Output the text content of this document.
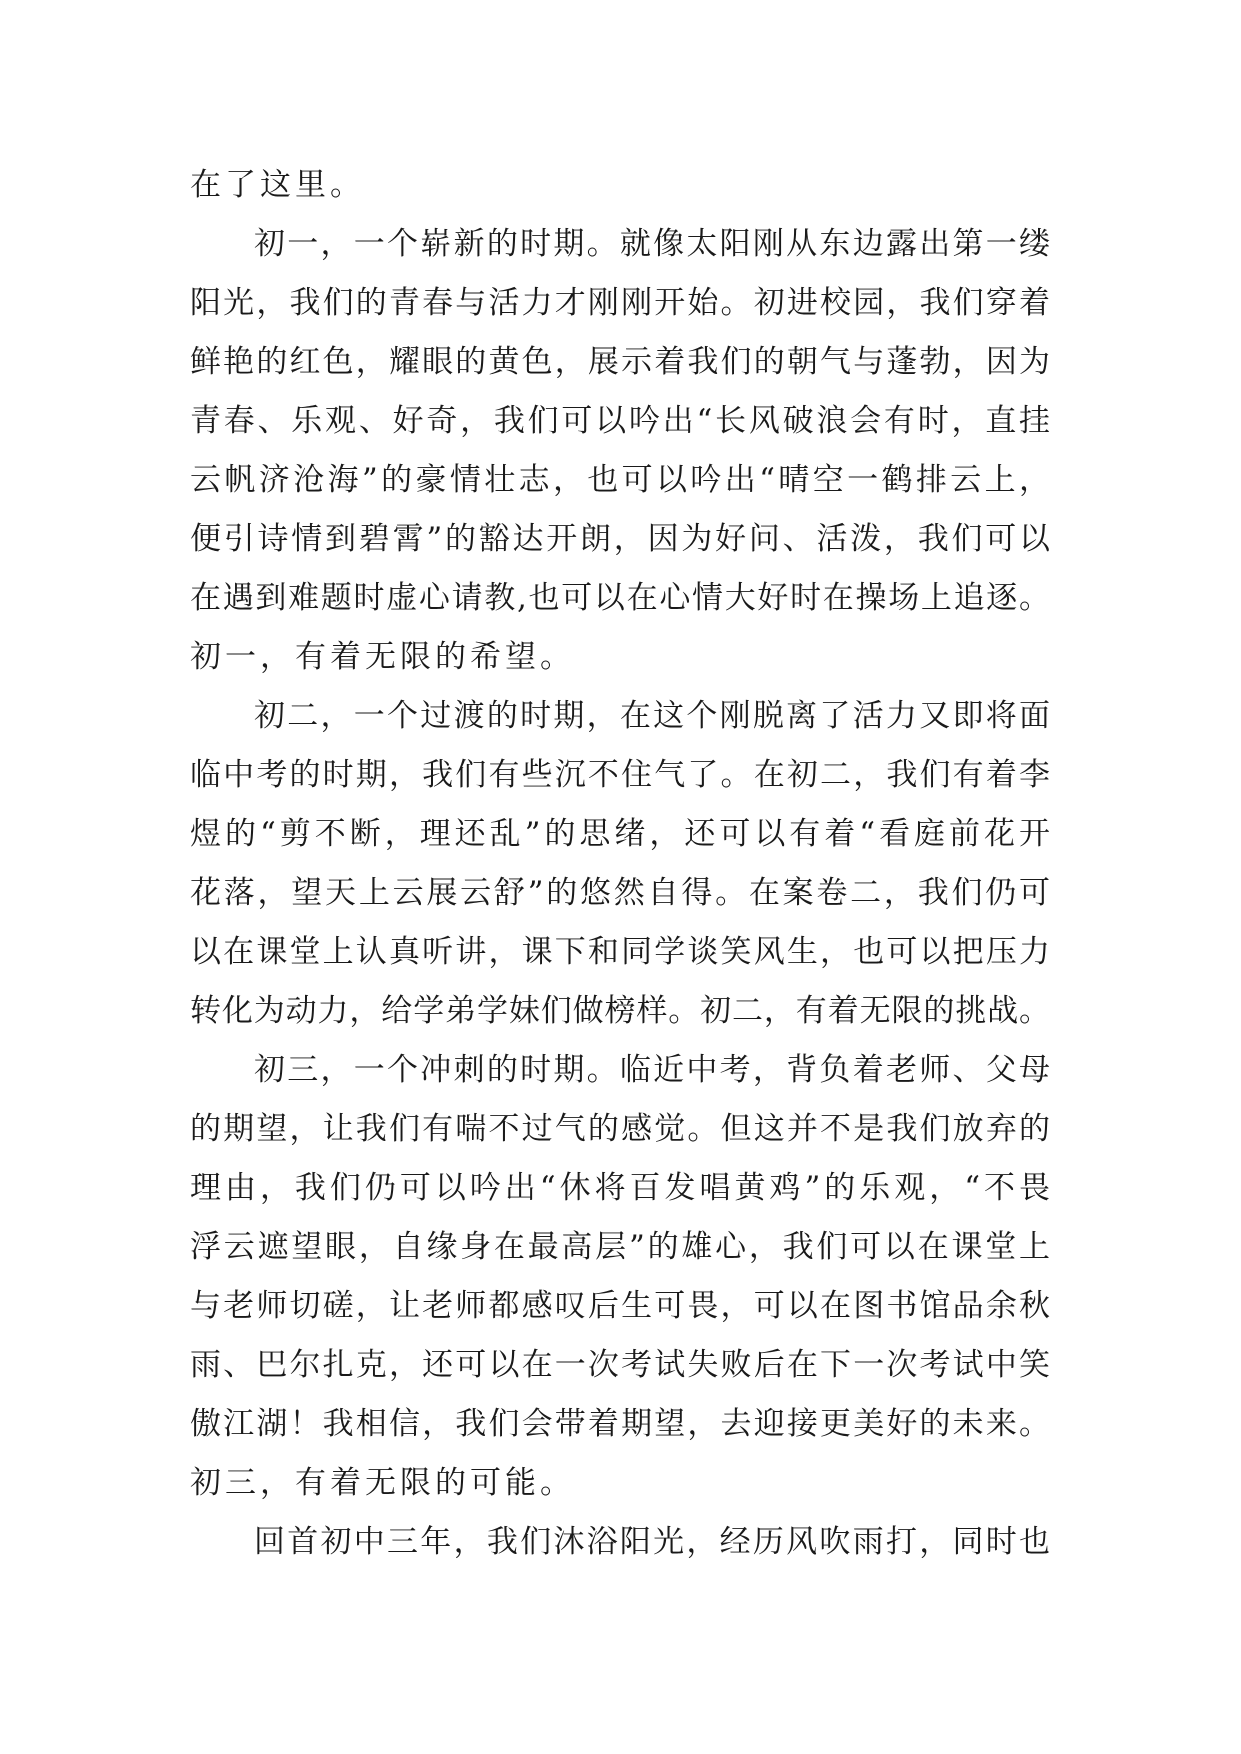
在了这里。
初一，一个崭新的时期。就像太阳刚从东边露出第一缕
阳光，我们的青春与活力才刚刚开始。初进校园，我们穿着
鲜艳的红色，耀眼的黄色，展示着我们的朝气与蓬勃，因为
青春、乐观、好奇，我们可以吟出“长风破浪会有时，直挂
云帆济沧海”的豪情壮志，也可以吟出“晴空一鹤排云上，
便引诗情到碧霄”的豁达开朗，因为好问、活泼，我们可以
在遇到难题时虚心请教,也可以在心情大好时在操场上追逐。
初一，有着无限的希望。
初二，一个过渡的时期，在这个刚脱离了活力又即将面
临中考的时期，我们有些沉不住气了。在初二，我们有着李
煜的“剪不断，理还乱”的思绪，还可以有着“看庭前花开
花落，望天上云展云舒”的悠然自得。在案卷二，我们仍可
以在课堂上认真听讲，课下和同学谈笑风生，也可以把压力
转化为动力，给学弟学妹们做榜样。初二，有着无限的挑战。
初三，一个冲刺的时期。临近中考，背负着老师、父母
的期望，让我们有喘不过气的感觉。但这并不是我们放弃的
理由，我们仍可以吟出“休将百发唱黄鸡”的乐观，“不畏
浮云遮望眼，自缘身在最高层”的雄心，我们可以在课堂上
与老师切磋，让老师都感叹后生可畏，可以在图书馆品余秋
雨、巴尔扎克，还可以在一次考试失败后在下一次考试中笑
傲江湖！我相信，我们会带着期望，去迎接更美好的未来。
初三，有着无限的可能。
回首初中三年，我们沐浴阳光，经历风吹雨打，同时也
